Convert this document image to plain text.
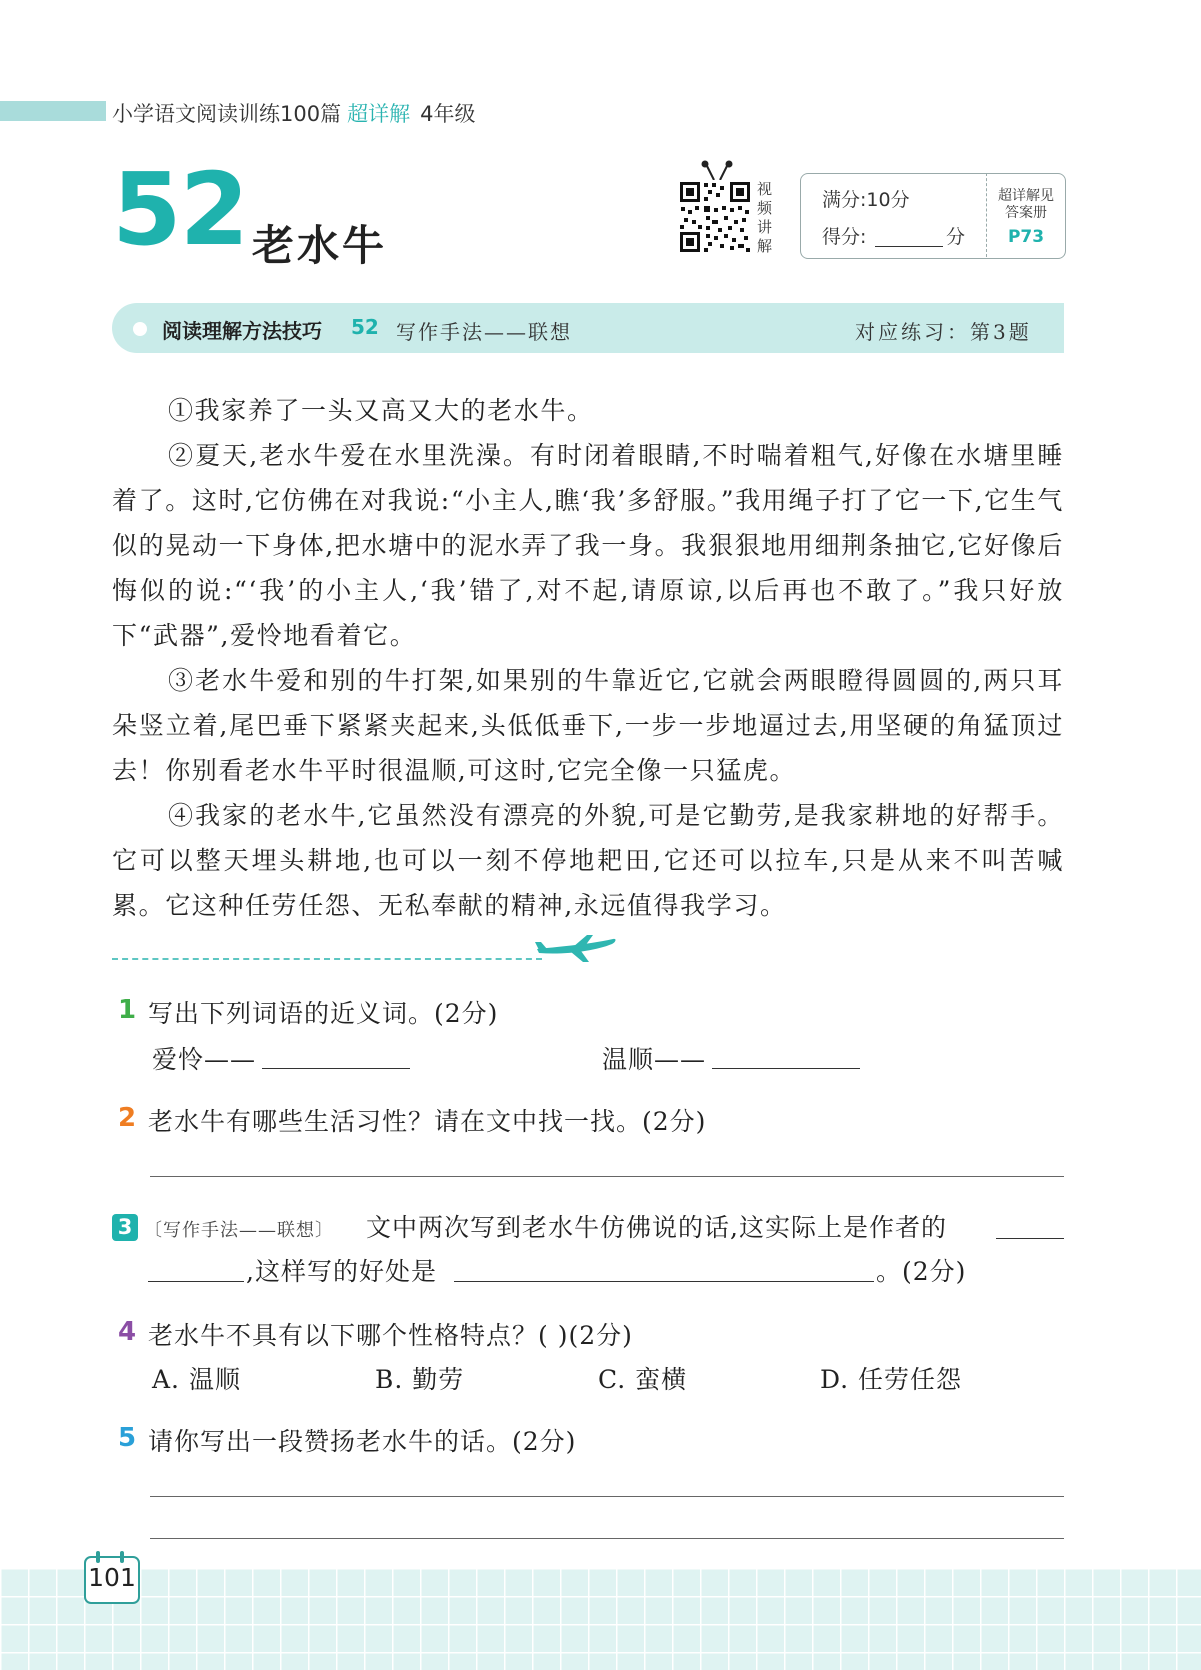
小学语文阅读训练100篇 超详解 4年级
52 老水牛
视
频
讲
解
满分:10分
得分:	分
超详解见
答案册
P73
阅读理解方法技巧 52 写作手法——联想	对应练习：第3题
①我家养了一头又高又大的老水牛。
②夏天,老水牛爱在水里洗澡。有时闭着眼睛,不时喘着粗气,好像在水塘里睡着了。这时,它仿佛在对我说:“小主人,瞧‘我’多舒服。”我用绳子打了它一下,它生气似的晃动一下身体,把水塘中的泥水弄了我一身。我狠狠地用细荆条抽它,它好像后悔似的说:“‘我’的小主人,‘我’错了,对不起,请原谅,以后再也不敢了。”我只好放下“武器”,爱怜地看着它。
③老水牛爱和别的牛打架,如果别的牛靠近它,它就会两眼瞪得圆圆的,两只耳朵竖立着,尾巴垂下紧紧夹起来,头低低垂下,一步一步地逼过去,用坚硬的角猛顶过去！你别看老水牛平时很温顺,可这时,它完全像一只猛虎。
④我家的老水牛,它虽然没有漂亮的外貌,可是它勤劳,是我家耕地的好帮手。它可以整天埋头耕地,也可以一刻不停地耙田,它还可以拉车,只是从来不叫苦喊累。它这种任劳任怨、无私奉献的精神,永远值得我学习。
1 写出下列词语的近义词。(2分)
爱怜——	温顺——
2 老水牛有哪些生活习性？请在文中找一找。(2分)
3 〔写作手法——联想〕 文中两次写到老水牛仿佛说的话,这实际上是作者的
,这样写的好处是	。(2分)
4 老水牛不具有以下哪个性格特点？( )(2分)
A. 温顺	B. 勤劳	C. 蛮横	D. 任劳任怨
5 请你写出一段赞扬老水牛的话。(2分)
101
